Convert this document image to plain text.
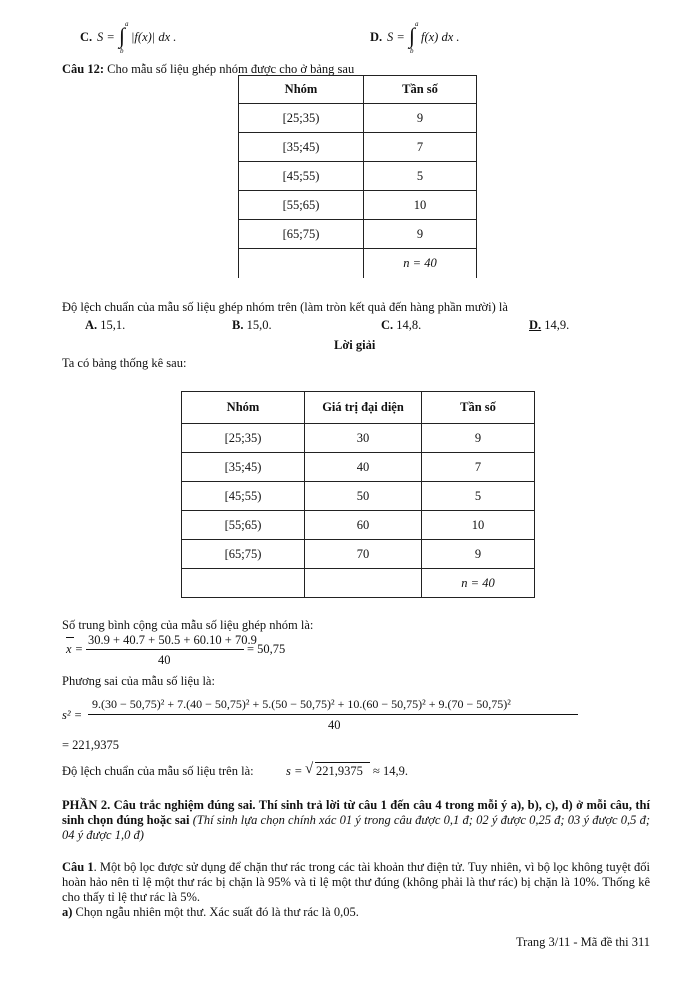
C. S = ∫ a
b
|f(x)| dx .	D. S = ∫ a
b
f(x) dx .
Câu 12: Cho mẫu số liệu ghép nhóm được cho ở bảng sau
Nhóm	Tần số
[25;35)	9
[35;45)	7
[45;55)	5
[55;65)	10
[65;75)	9
	n = 40
Độ lệch chuẩn của mẫu số liệu ghép nhóm trên (làm tròn kết quả đến hàng phần mười) là
A. 15,1.	B. 15,0.	C. 14,8.	D. 14,9.
Lời giải
Ta có bảng thống kê sau:
Nhóm	Giá trị đại diện	Tần số
[25;35)	30	9
[35;45)	40	7
[45;55)	50	5
[55;65)	60	10
[65;75)	70	9
		n = 40
Số trung bình cộng của mẫu số liệu ghép nhóm là:
x =
30.9 + 40.7 + 50.5 + 60.10 + 70.9
40
= 50,75
Phương sai của mẫu số liệu là:
s² =
9.(30 − 50,75)² + 7.(40 − 50,75)² + 5.(50 − 50,75)² + 10.(60 − 50,75)² + 9.(70 − 50,75)²
40
= 221,9375
Độ lệch chuẩn của mẫu số liệu trên là:	s = √ 221,9375 ≈ 14,9.
PHẦN 2. Câu trắc nghiệm đúng sai. Thí sinh trả lời từ câu 1 đến câu 4 trong mỗi ý a), b), c), d) ở mỗi câu, thí sinh chọn đúng hoặc sai (Thí sinh lựa chọn chính xác 01 ý trong câu được 0,1 đ; 02 ý được 0,25 đ; 03 ý được 0,5 đ; 04 ý được 1,0 đ)
Câu 1. Một bộ lọc được sử dụng để chặn thư rác trong các tài khoản thư điện tử. Tuy nhiên, vì bộ lọc không tuyệt đối hoàn hảo nên tỉ lệ một thư rác bị chặn là 95% và tỉ lệ một thư đúng (không phải là thư rác) bị chặn là 10%. Thống kê cho thấy tỉ lệ thư rác là 5%.
a) Chọn ngẫu nhiên một thư. Xác suất đó là thư rác là 0,05.
Trang 3/11 - Mã đề thi 311
